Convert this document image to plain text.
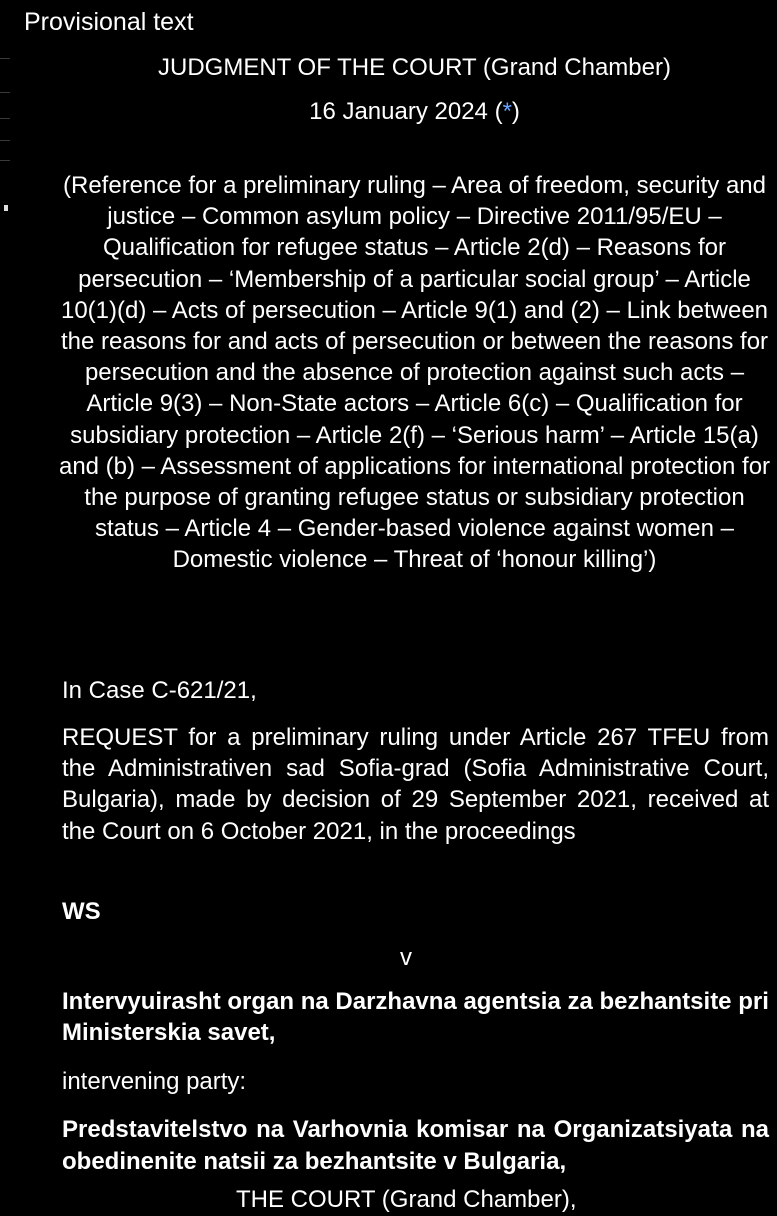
Provisional text
JUDGMENT OF THE COURT (Grand Chamber)
16 January 2024 (*)
(Reference for a preliminary ruling – Area of freedom, security and justice – Common asylum policy – Directive 2011/95/EU – Qualification for refugee status – Article 2(d) – Reasons for persecution – ‘Membership of a particular social group’ – Article 10(1)(d) – Acts of persecution – Article 9(1) and (2) – Link between the reasons for and acts of persecution or between the reasons for persecution and the absence of protection against such acts – Article 9(3) – Non-State actors – Article 6(c) – Qualification for subsidiary protection – Article 2(f) – ‘Serious harm’ – Article 15(a) and (b) – Assessment of applications for international protection for the purpose of granting refugee status or subsidiary protection status – Article 4 – Gender-based violence against women – Domestic violence – Threat of ‘honour killing’)
In Case C-621/21,
REQUEST for a preliminary ruling under Article 267 TFEU from the Administrativen sad Sofia-grad (Sofia Administrative Court, Bulgaria), made by decision of 29 September 2021, received at the Court on 6 October 2021, in the proceedings
WS
v
Intervyuirasht organ na Darzhavna agentsia za bezhantsite pri Ministerskia savet,
intervening party:
Predstavitelstvo na Varhovnia komisar na Organizatsiyata na obedinenite natsii za bezhantsite v Bulgaria,
THE COURT (Grand Chamber),
